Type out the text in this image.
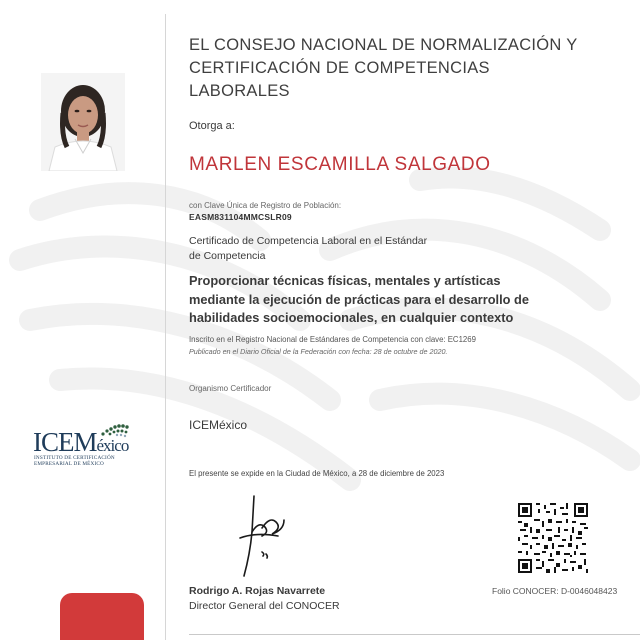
ICEMéxico
INSTITUTO DE CERTIFICACIÓN
EMPRESARIAL DE MÉXICO
EL CONSEJO NACIONAL DE NORMALIZACIÓN Y CERTIFICACIÓN DE COMPETENCIAS LABORALES
Otorga a:
MARLEN ESCAMILLA SALGADO
con Clave Única de Registro de Población:
EASM831104MMCSLR09
Certificado de Competencia Laboral en el Estándar
de Competencia
Proporcionar técnicas físicas, mentales y artísticas
mediante la ejecución de prácticas para el desarrollo de
habilidades socioemocionales, en cualquier contexto
Inscrito en el Registro Nacional de Estándares de Competencia con clave: EC1269
Publicado en el Diario Oficial de la Federación con fecha: 28 de octubre de 2020.
Organismo Certificador
ICEMéxico
El presente se expide en la Ciudad de México, a 28 de diciembre de 2023
Rodrigo A. Rojas Navarrete
Director General del CONOCER
Folio CONOCER: D-0046048423
